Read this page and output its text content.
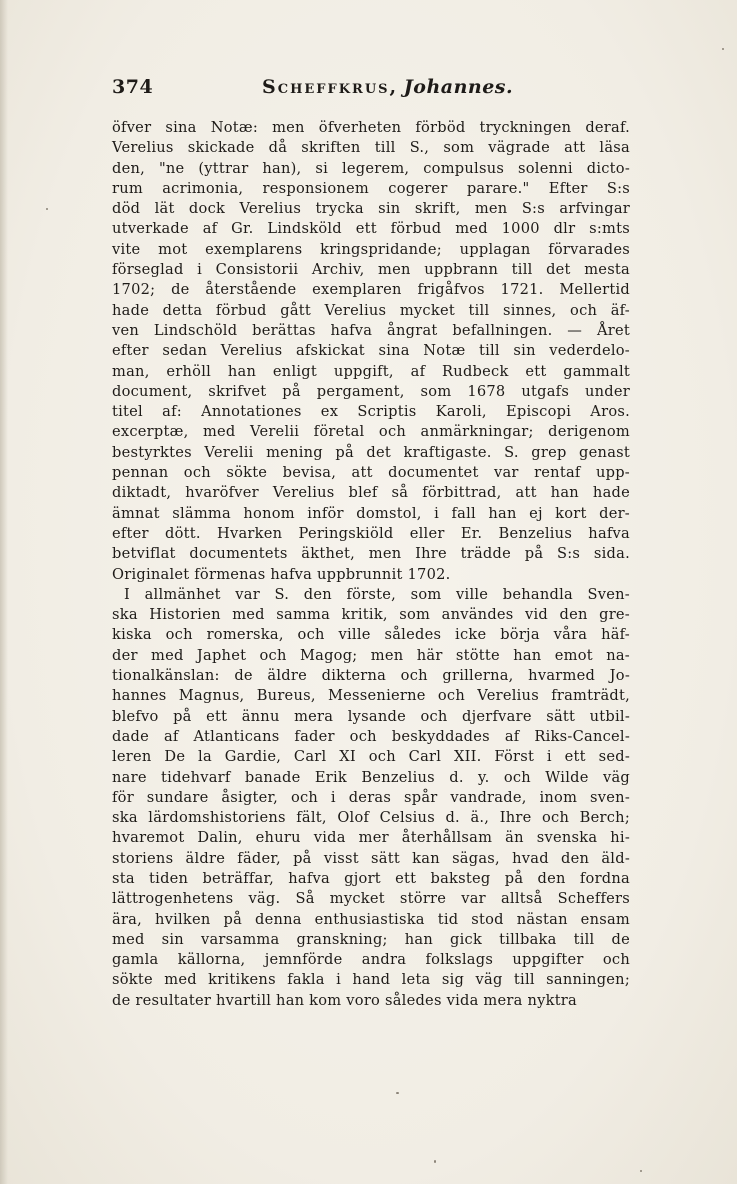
374	Scheffkrus, Johannes.
öfver sina Notæ: men öfverheten förböd tryckningen deraf.
Verelius skickade då skriften till S., som vägrade att läsa
den, "ne (yttrar han), si legerem, compulsus solenni dicto-
rum acrimonia, responsionem cogerer parare." Efter S:s
död lät dock Verelius trycka sin skrift, men S:s arfvingar
utverkade af Gr. Lindsköld ett förbud med 1000 dlr s:mts
vite mot exemplarens kringspridande; upplagan förvarades
förseglad i Consistorii Archiv, men uppbrann till det mesta
1702; de återstående exemplaren frigåfvos 1721. Mellertid
hade detta förbud gått Verelius mycket till sinnes, och äf-
ven Lindschöld berättas hafva ångrat befallningen. — Året
efter sedan Verelius afskickat sina Notæ till sin vederdelo-
man, erhöll han enligt uppgift, af Rudbeck ett gammalt
document, skrifvet på pergament, som 1678 utgafs under
titel af: Annotationes ex Scriptis Karoli, Episcopi Aros.
excerptæ, med Verelii företal och anmärkningar; derigenom
bestyrktes Verelii mening på det kraftigaste. S. grep genast
pennan och sökte bevisa, att documentet var rentaf upp-
diktadt, hvaröfver Verelius blef så förbittrad, att han hade
ämnat slämma honom inför domstol, i fall han ej kort der-
efter dött. Hvarken Peringskiöld eller Er. Benzelius hafva
betviflat documentets äkthet, men Ihre trädde på S:s sida.
Originalet förmenas hafva uppbrunnit 1702.
I allmänhet var S. den förste, som ville behandla Sven-
ska Historien med samma kritik, som användes vid den gre-
kiska och romerska, och ville således icke börja våra häf-
der med Japhet och Magog; men här stötte han emot na-
tionalkänslan: de äldre dikterna och grillerna, hvarmed Jo-
hannes Magnus, Bureus, Messenierne och Verelius framträdt,
blefvo på ett ännu mera lysande och djerfvare sätt utbil-
dade af Atlanticans fader och beskyddades af Riks-Cancel-
leren De la Gardie, Carl XI och Carl XII. Först i ett sed-
nare tidehvarf banade Erik Benzelius d. y. och Wilde väg
för sundare åsigter, och i deras spår vandrade, inom sven-
ska lärdomshistoriens fält, Olof Celsius d. ä., Ihre och Berch;
hvaremot Dalin, ehuru vida mer återhållsam än svenska hi-
storiens äldre fäder, på visst sätt kan sägas, hvad den äld-
sta tiden beträffar, hafva gjort ett baksteg på den fordna
lättrogenhetens väg. Så mycket större var alltså Scheffers
ära, hvilken på denna enthusiastiska tid stod nästan ensam
med sin varsamma granskning; han gick tillbaka till de
gamla källorna, jemnförde andra folkslags uppgifter och
sökte med kritikens fakla i hand leta sig väg till sanningen;
de resultater hvartill han kom voro således vida mera nyktra
